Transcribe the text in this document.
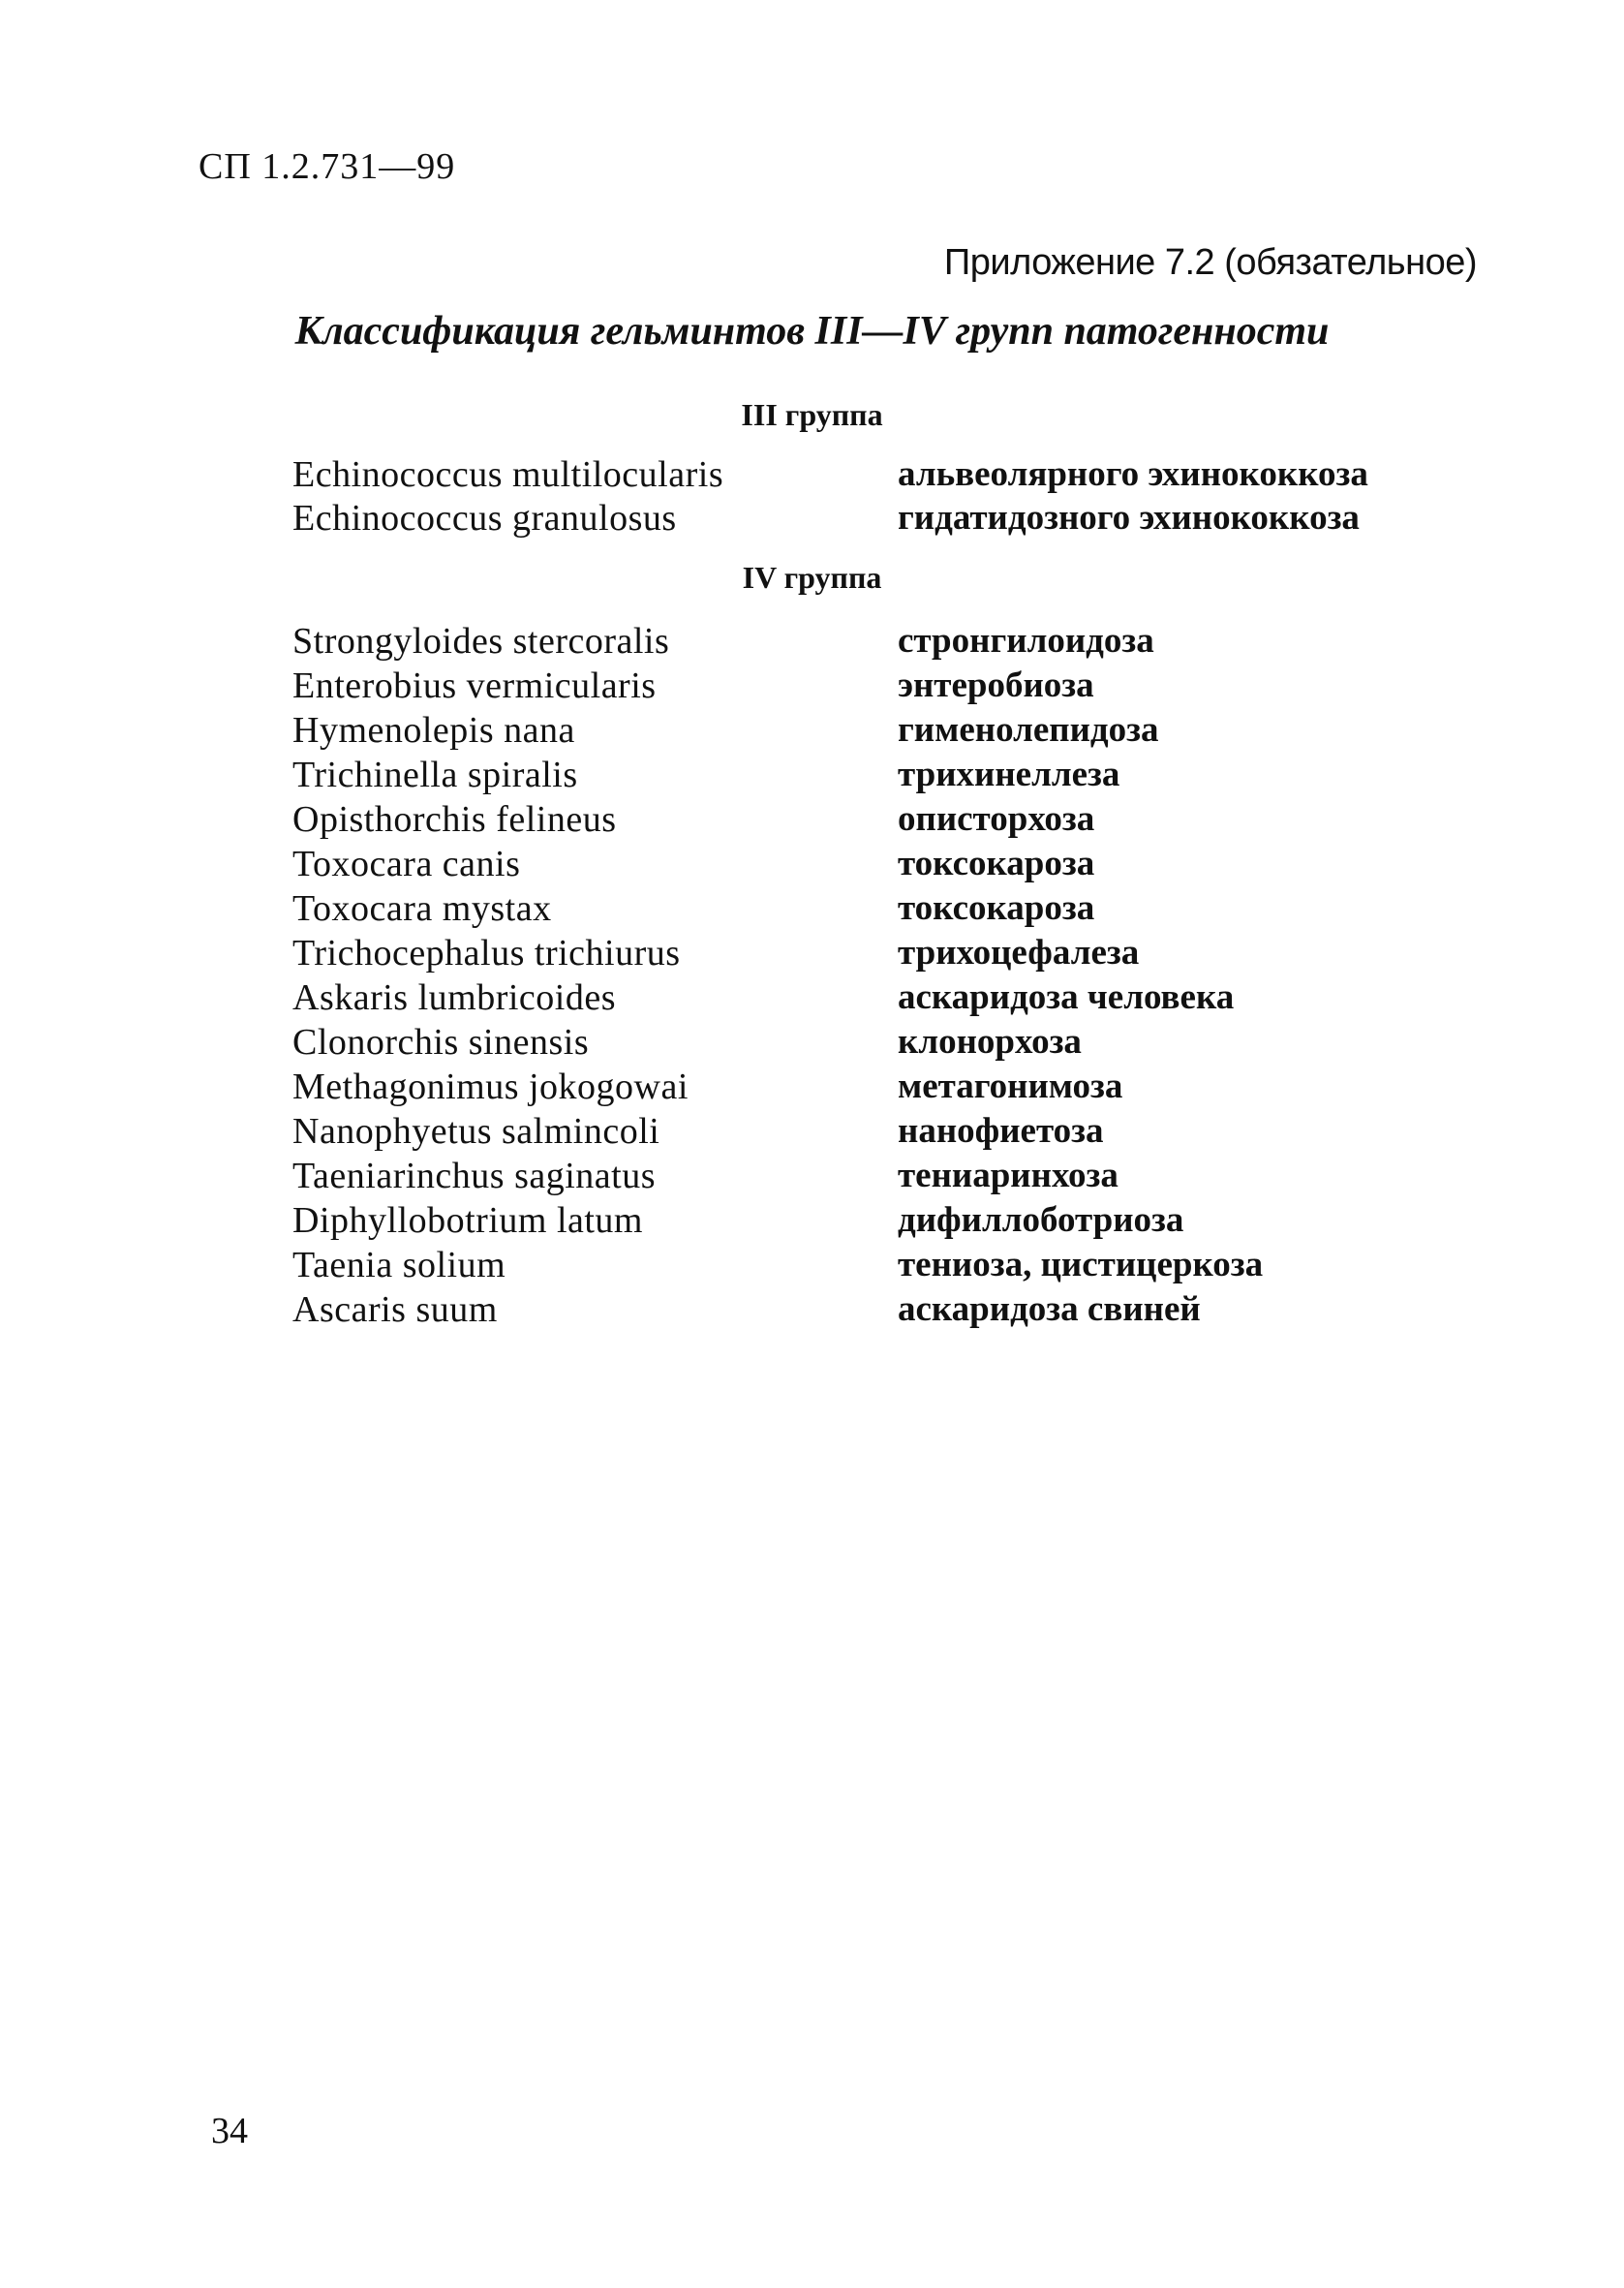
СП 1.2.731—99
Приложение 7.2 (обязательное)
Классификация гельминтов III—IV групп патогенности
III группа
Echinococcus multilocularis	альвеолярного эхинококкоза
Echinococcus granulosus	гидатидозного эхинококкоза
IV группа
Strongyloides stercoralis	стронгилоидоза
Enterobius vermicularis	энтеробиоза
Hymenolepis nana	гименолепидоза
Trichinella spiralis	трихинеллеза
Opisthorchis felineus	описторхоза
Toxocara canis	токсокароза
Toxocara mystax	токсокароза
Trichocephalus trichiurus	трихоцефалеза
Askaris lumbricoides	аскаридоза человека
Clonorchis sinensis	клонорхоза
Methagonimus jokogowai	метагонимоза
Nanophyetus salmincoli	нанофиетоза
Taeniarinchus saginatus	тениаринхоза
Diphyllobotrium latum	дифиллоботриоза
Taenia solium	тениоза, цистицеркоза
Ascaris suum	аскаридоза свиней
34
